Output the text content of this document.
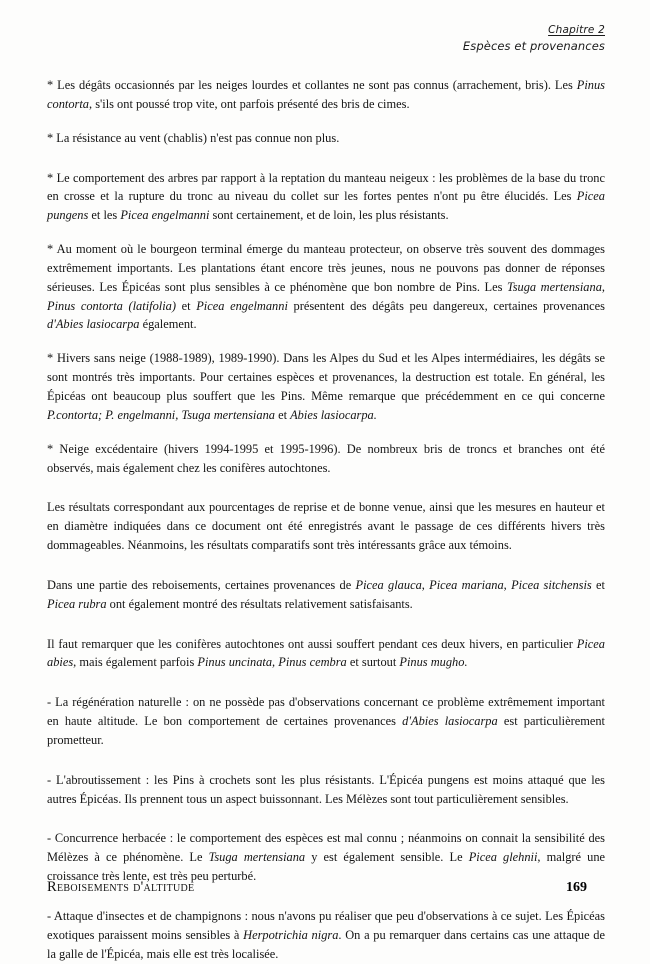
Chapitre 2
Espèces et provenances

* Les dégâts occasionnés par les neiges lourdes et collantes ne sont pas connus (arrachement, bris). Les Pinus contorta, s'ils ont poussé trop vite, ont parfois présenté des bris de cimes.

* La résistance au vent (chablis) n'est pas connue non plus.

* Le comportement des arbres par rapport à la reptation du manteau neigeux : les problèmes de la base du tronc en crosse et la rupture du tronc au niveau du collet sur les fortes pentes n'ont pu être élucidés. Les Picea pungens et les Picea engelmanni sont certainement, et de loin, les plus résistants.

* Au moment où le bourgeon terminal émerge du manteau protecteur, on observe très souvent des dommages extrêmement importants. Les plantations étant encore très jeunes, nous ne pouvons pas donner de réponses sérieuses. Les Épicéas sont plus sensibles à ce phénomène que bon nombre de Pins. Les Tsuga mertensiana, Pinus contorta (latifolia) et Picea engelmanni présentent des dégâts peu dangereux, certaines provenances d'Abies lasiocarpa également.

* Hivers sans neige (1988-1989), 1989-1990). Dans les Alpes du Sud et les Alpes intermédiaires, les dégâts se sont montrés très importants. Pour certaines espèces et provenances, la destruction est totale. En général, les Épicéas ont beaucoup plus souffert que les Pins. Même remarque que précédemment en ce qui concerne P.contorta; P. engelmanni, Tsuga mertensiana et Abies lasiocarpa.

* Neige excédentaire (hivers 1994-1995 et 1995-1996). De nombreux bris de troncs et branches ont été observés, mais également chez les conifères autochtones.

Les résultats correspondant aux pourcentages de reprise et de bonne venue, ainsi que les mesures en hauteur et en diamètre indiquées dans ce document ont été enregistrés avant le passage de ces différents hivers très dommageables. Néanmoins, les résultats comparatifs sont très intéressants grâce aux témoins.

Dans une partie des reboisements, certaines provenances de Picea glauca, Picea mariana, Picea sitchensis et Picea rubra ont également montré des résultats relativement satisfaisants.

Il faut remarquer que les conifères autochtones ont aussi souffert pendant ces deux hivers, en particulier Picea abies, mais également parfois Pinus uncinata, Pinus cembra et surtout Pinus mugho.

- La régénération naturelle : on ne possède pas d'observations concernant ce problème extrêmement important en haute altitude. Le bon comportement de certaines provenances d'Abies lasiocarpa est particulièrement prometteur.

- L'abroutissement : les Pins à crochets sont les plus résistants. L'Épicéa pungens est moins attaqué que les autres Épicéas. Ils prennent tous un aspect buissonnant. Les Mélèzes sont tout particulièrement sensibles.

- Concurrence herbacée : le comportement des espèces est mal connu ; néanmoins on connait la sensibilité des Mélèzes à ce phénomène. Le Tsuga mertensiana y est également sensible. Le Picea glehnii, malgré une croissance très lente, est très peu perturbé.

- Attaque d'insectes et de champignons : nous n'avons pu réaliser que peu d'observations à ce sujet. Les Épicéas exotiques paraissent moins sensibles à Herpotrichia nigra. On a pu remarquer dans certains cas une attaque de la galle de l'Épicéa, mais elle est très localisée.

Reboisements d'altitude	169
